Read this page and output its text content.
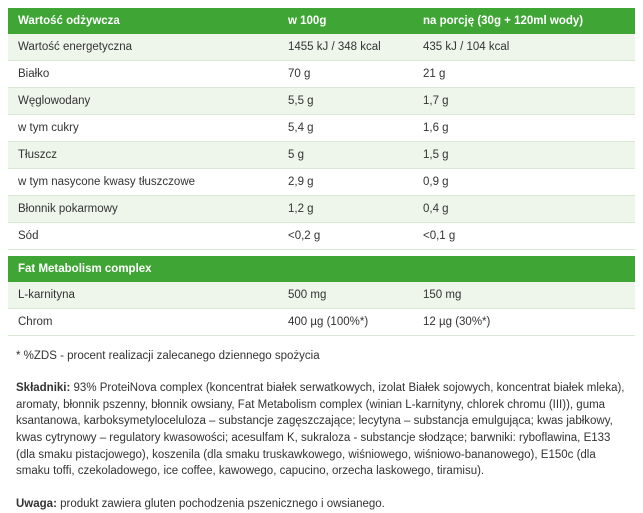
Wartość odżywcza	w 100g	na porcję (30g + 120ml wody)
Wartość energetyczna	1455 kJ / 348 kcal	435 kJ / 104 kcal
Białko	70 g	21 g
Węglowodany	5,5 g	1,7 g
w tym cukry	5,4 g	1,6 g
Tłuszcz	5 g	1,5 g
w tym nasycone kwasy tłuszczowe	2,9 g	0,9 g
Błonnik pokarmowy	1,2 g	0,4 g
Sód	<0,2 g	<0,1 g

Fat Metabolism complex		
L-karnityna	500 mg	150 mg
Chrom	400 µg (100%*)	12 µg (30%*)
* %ZDS - procent realizacji zalecanego dziennego spożycia
Składniki: 93% ProteiNova complex (koncentrat białek serwatkowych, izolat Białek sojowych, koncentrat białek mleka), aromaty, błonnik pszenny, błonnik owsiany, Fat Metabolism complex (winian L-karnityny, chlorek chromu (III)), guma ksantanowa, karboksymetyloceluloza – substancje zagęszczające; lecytyna – substancja emulgująca; kwas jabłkowy, kwas cytrynowy – regulatory kwasowości; acesulfam K, sukraloza - substancje słodzące; barwniki: ryboflawina, E133 (dla smaku pistacjowego), koszenila (dla smaku truskawkowego, wiśniowego, wiśniowo-bananowego), E150c (dla smaku toffi, czekoladowego, ice coffee, kawowego, capucino, orzecha laskowego, tiramisu).
Uwaga: produkt zawiera gluten pochodzenia pszenicznego i owsianego.
